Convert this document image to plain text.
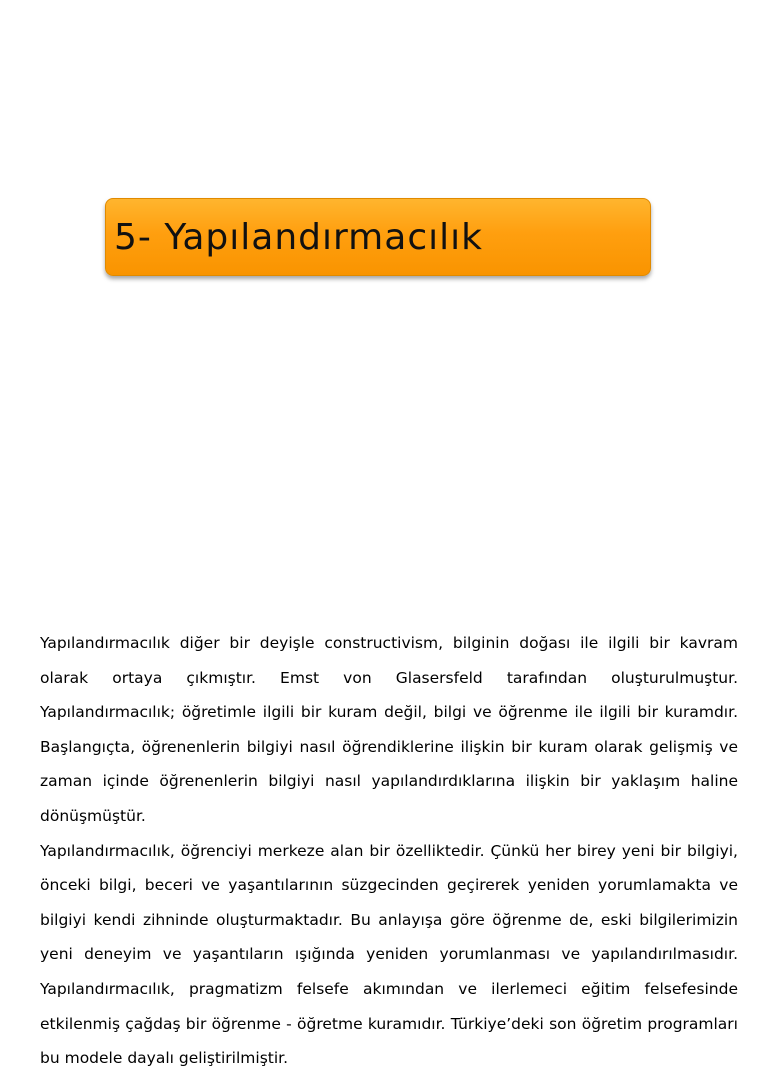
5- Yapılandırmacılık

Yapılandırmacılık diğer bir deyişle constructivism, bilginin doğası ile ilgili bir kavram olarak ortaya çıkmıştır. Emst von Glasersfeld tarafından oluşturulmuştur. Yapılandırmacılık; öğretimle ilgili bir kuram değil, bilgi ve öğrenme ile ilgili bir kuramdır. Başlangıçta, öğrenenlerin bilgiyi nasıl öğrendiklerine ilişkin bir kuram olarak gelişmiş ve zaman içinde öğrenenlerin bilgiyi nasıl yapılandırdıklarına ilişkin bir yaklaşım haline dönüşmüştür.

Yapılandırmacılık, öğrenciyi merkeze alan bir özelliktedir. Çünkü her birey yeni bir bilgiyi, önceki bilgi, beceri ve yaşantılarının süzgecinden geçirerek yeniden yorumlamakta ve bilgiyi kendi zihninde oluşturmaktadır. Bu anlayışa göre öğrenme de, eski bilgilerimizin yeni deneyim ve yaşantıların ışığında yeniden yorumlanması ve yapılandırılmasıdır. Yapılandırmacılık, pragmatizm felsefe akımından ve ilerlemeci eğitim felsefesinde etkilenmiş çağdaş bir öğrenme - öğretme kuramıdır. Türkiye’deki son öğretim programları bu modele dayalı geliştirilmiştir.
